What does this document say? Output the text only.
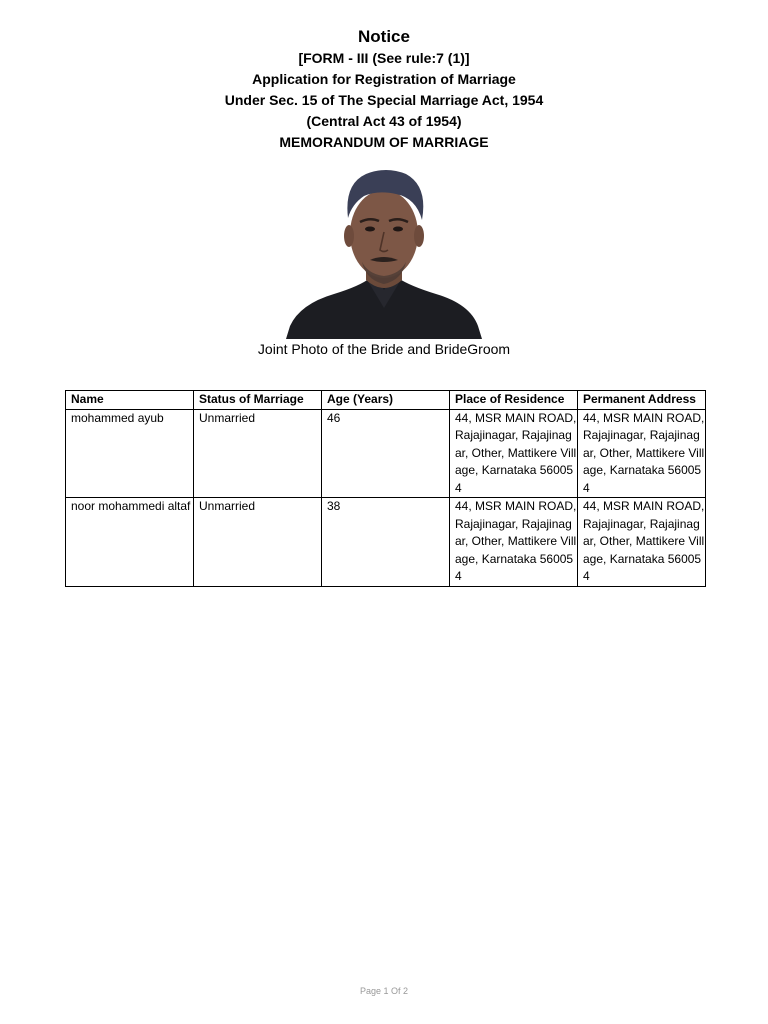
Notice
[FORM - III (See rule:7 (1)]
Application for Registration of Marriage
Under Sec. 15 of The Special Marriage Act, 1954
(Central Act 43 of 1954)
MEMORANDUM OF MARRIAGE
Joint Photo of the Bride and BrideGroom
Name	Status of Marriage	Age (Years)	Place of Residence	Permanent Address
mohammed ayub	Unmarried	46	44, MSR MAIN ROAD, Rajajinagar, Rajajinagar, Other, Mattikere Village, Karnataka 560054	44, MSR MAIN ROAD, Rajajinagar, Rajajinagar, Other, Mattikere Village, Karnataka 560054
noor mohammedi altaf	Unmarried	38	44, MSR MAIN ROAD, Rajajinagar, Rajajinagar, Other, Mattikere Village, Karnataka 560054	44, MSR MAIN ROAD, Rajajinagar, Rajajinagar, Other, Mattikere Village, Karnataka 560054
Page 1 Of 2
